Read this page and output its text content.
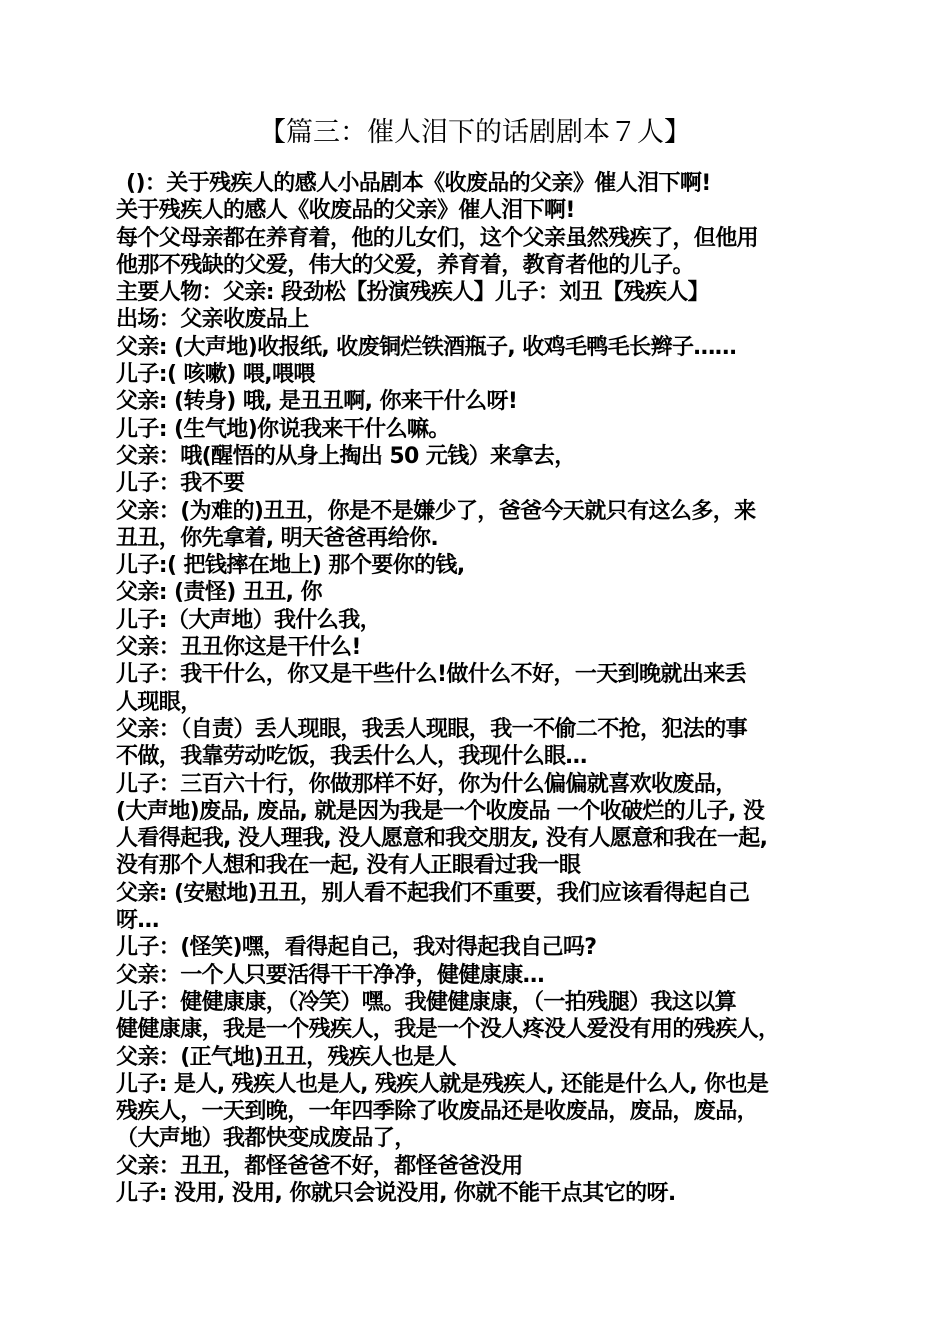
【篇三：催人泪下的话剧剧本７人】
()：关于残疾人的感人小品剧本《收废品的父亲》催人泪下啊!
关于残疾人的感人《收废品的父亲》催人泪下啊!
每个父母亲都在养育着，他的儿女们，这个父亲虽然残疾了，但他用
他那不残缺的父爱，伟大的父爱，养育着，教育者他的儿子。
主要人物：父亲: 段劲松【扮演残疾人】儿子：刘丑【残疾人】
出场：父亲收废品上
父亲: (大声地)收报纸, 收废铜烂铁酒瓶子, 收鸡毛鸭毛长辫子……
儿子:( 咳嗽) 喂,喂喂
父亲: (转身) 哦, 是丑丑啊, 你来干什么呀!
儿子: (生气地)你说我来干什么嘛。
父亲：哦(醒悟的从身上掏出 50 元钱）来拿去，
儿子：我不要
父亲：(为难的)丑丑，你是不是嫌少了，爸爸今天就只有这么多，来
丑丑，你先拿着, 明天爸爸再给你.
儿子:( 把钱摔在地上) 那个要你的钱,
父亲: (责怪) 丑丑, 你
儿子:（大声地）我什么我，
父亲：丑丑你这是干什么!
儿子：我干什么，你又是干些什么!做什么不好，一天到晚就出来丢
人现眼，
父亲：（自责）丢人现眼，我丢人现眼，我一不偷二不抢，犯法的事
不做，我靠劳动吃饭，我丢什么人，我现什么眼…
儿子：三百六十行，你做那样不好，你为什么偏偏就喜欢收废品，
(大声地)废品, 废品, 就是因为我是一个收废品 一个收破烂的儿子, 没
人看得起我, 没人理我, 没人愿意和我交朋友, 没有人愿意和我在一起,
没有那个人想和我在一起, 没有人正眼看过我一眼
父亲: (安慰地)丑丑，别人看不起我们不重要，我们应该看得起自己
呀…
儿子：(怪笑)嘿，看得起自己，我对得起我自己吗?
父亲：一个人只要活得干干净净，健健康康…
儿子：健健康康，（冷笑）嘿。我健健康康，（一拍残腿）我这以算
健健康康，我是一个残疾人，我是一个没人疼没人爱没有用的残疾人，
父亲：(正气地)丑丑，残疾人也是人
儿子: 是人, 残疾人也是人, 残疾人就是残疾人, 还能是什么人, 你也是
残疾人，一天到晚，一年四季除了收废品还是收废品，废品，废品，
（大声地）我都快变成废品了，
父亲：丑丑，都怪爸爸不好，都怪爸爸没用
儿子: 没用, 没用, 你就只会说没用, 你就不能干点其它的呀.
